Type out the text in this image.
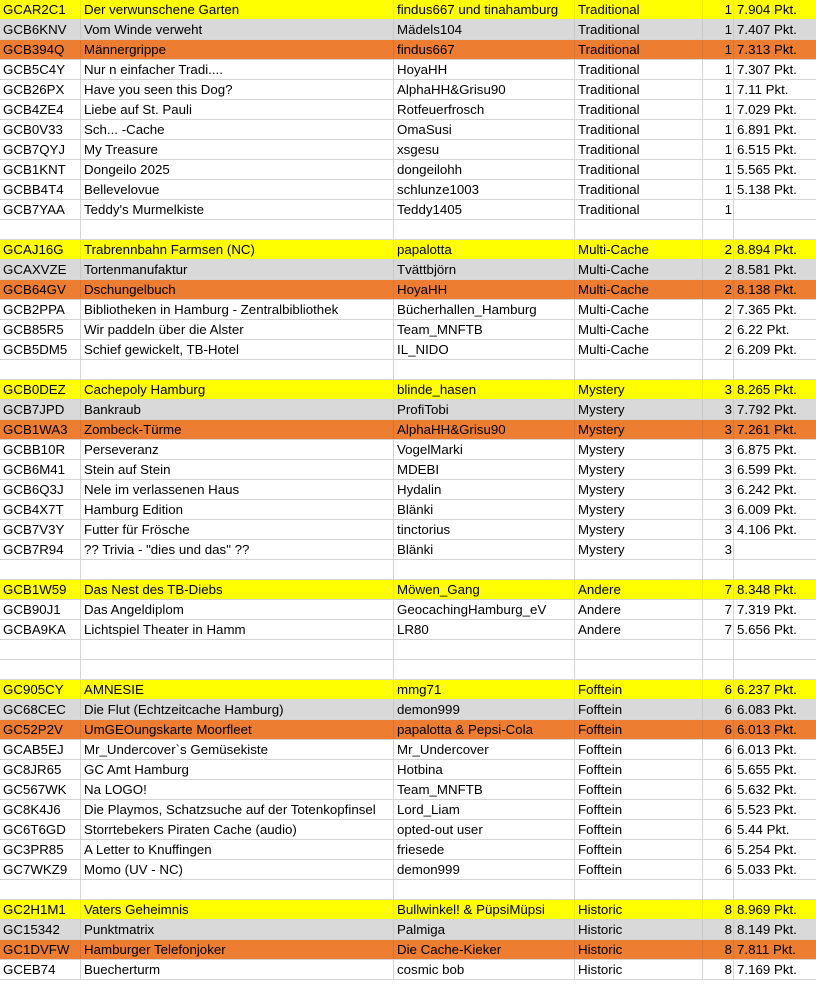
GCAR2C1	Der verwunschene Garten	findus667 und tinahamburg	Traditional	1 7.904 Pkt.
GCB6KNV	Vom Winde verweht	Mädels104	Traditional	1 7.407 Pkt.
GCB394Q	Männergrippe	findus667	Traditional	1 7.313 Pkt.
GCB5C4Y	Nur n einfacher Tradi....	HoyaHH	Traditional	1 7.307 Pkt.
GCB26PX	Have you seen this Dog?	AlphaHH&Grisu90	Traditional	1 7.11 Pkt.
GCB4ZE4	Liebe auf St. Pauli	Rotfeuerfrosch	Traditional	1 7.029 Pkt.
GCB0V33	Sch... -Cache	OmaSusi	Traditional	1 6.891 Pkt.
GCB7QYJ	My Treasure	xsgesu	Traditional	1 6.515 Pkt.
GCB1KNT	Dongeilo 2025	dongeilohh	Traditional	1 5.565 Pkt.
GCBB4T4	Bellevelovue	schlunze1003	Traditional	1 5.138 Pkt.
GCB7YAA	Teddy's Murmelkiste	Teddy1405	Traditional	1
GCAJ16G	Trabrennbahn Farmsen (NC)	papalotta	Multi-Cache	2 8.894 Pkt.
GCAXVZE	Tortenmanufaktur	Tvättbjörn	Multi-Cache	2 8.581 Pkt.
GCB64GV	Dschungelbuch	HoyaHH	Multi-Cache	2 8.138 Pkt.
GCB2PPA	Bibliotheken in Hamburg - Zentralbibliothek	Bücherhallen_Hamburg	Multi-Cache	2 7.365 Pkt.
GCB85R5	Wir paddeln über die Alster	Team_MNFTB	Multi-Cache	2 6.22 Pkt.
GCB5DM5	Schief gewickelt, TB-Hotel	IL_NIDO	Multi-Cache	2 6.209 Pkt.
GCB0DEZ	Cachepoly Hamburg	blinde_hasen	Mystery	3 8.265 Pkt.
GCB7JPD	Bankraub	ProfiTobi	Mystery	3 7.792 Pkt.
GCB1WA3	Zombeck-Türme	AlphaHH&Grisu90	Mystery	3 7.261 Pkt.
GCBB10R	Perseveranz	VogelMarki	Mystery	3 6.875 Pkt.
GCB6M41	Stein auf Stein	MDEBI	Mystery	3 6.599 Pkt.
GCB6Q3J	Nele im verlassenen Haus	Hydalin	Mystery	3 6.242 Pkt.
GCB4X7T	Hamburg Edition	Blänki	Mystery	3 6.009 Pkt.
GCB7V3Y	Futter für Frösche	tinctorius	Mystery	3 4.106 Pkt.
GCB7R94	?? Trivia - "dies und das" ??	Blänki	Mystery	3
GCB1W59	Das Nest des TB-Diebs	Möwen_Gang	Andere	7 8.348 Pkt.
GCB90J1	Das Angeldiplom	GeocachingHamburg_eV	Andere	7 7.319 Pkt.
GCBA9KA	Lichtspiel Theater in Hamm	LR80	Andere	7 5.656 Pkt.
GC905CY	AMNESIE	mmg71	Fofftein	6 6.237 Pkt.
GC68CEC	Die Flut (Echtzeitcache Hamburg)	demon999	Fofftein	6 6.083 Pkt.
GC52P2V	UmGEOungskarte Moorfleet	papalotta & Pepsi-Cola	Fofftein	6 6.013 Pkt.
GCAB5EJ	Mr_Undercover`s Gemüsekiste	Mr_Undercover	Fofftein	6 6.013 Pkt.
GC8JR65	GC Amt Hamburg	Hotbina	Fofftein	6 5.655 Pkt.
GC567WK	Na LOGO!	Team_MNFTB	Fofftein	6 5.632 Pkt.
GC8K4J6	Die Playmos, Schatzsuche auf der Totenkopfinsel	Lord_Liam	Fofftein	6 5.523 Pkt.
GC6T6GD	Storrtebekers Piraten Cache (audio)	opted-out user	Fofftein	6 5.44 Pkt.
GC3PR85	A Letter to Knuffingen	friesede	Fofftein	6 5.254 Pkt.
GC7WKZ9	Momo (UV - NC)	demon999	Fofftein	6 5.033 Pkt.
GC2H1M1	Vaters Geheimnis	Bullwinkel! & PüpsiMüpsi	Historic	8 8.969 Pkt.
GC15342	Punktmatrix	Palmiga	Historic	8 8.149 Pkt.
GC1DVFW	Hamburger Telefonjoker	Die Cache-Kieker	Historic	8 7.811 Pkt.
GCEB74	Buecherturm	cosmic bob	Historic	8 7.169 Pkt.
